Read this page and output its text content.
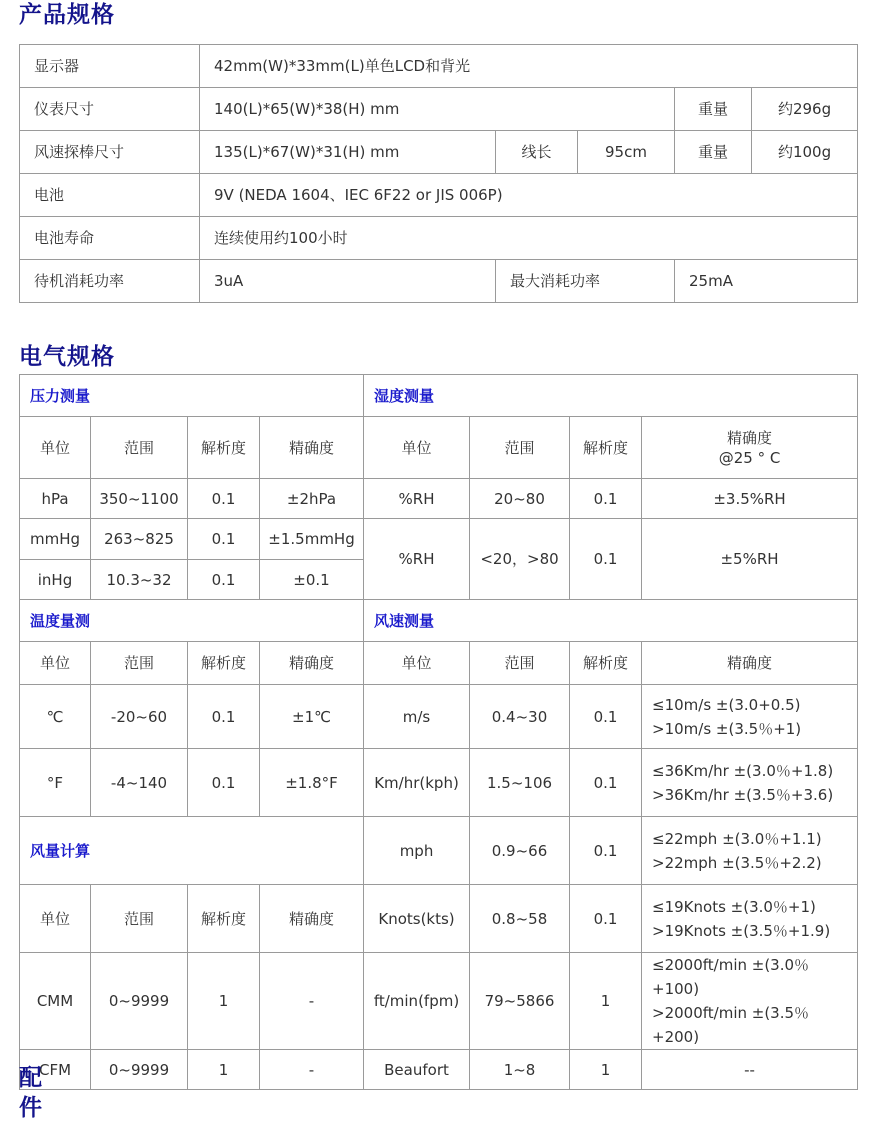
产品规格
显示器	42mm(W)*33mm(L)单色LCD和背光				
仪表尺寸	140(L)*65(W)*38(H) mm			重量	约296g
风速探棒尺寸	135(L)*67(W)*31(H) mm	线长	95cm	重量	约100g
电池	9V (NEDA 1604、IEC 6F22 or JIS 006P)				
电池寿命	连续使用约100小时				
待机消耗功率	3uA	最大消耗功率		25mA	
电气规格
压力测量				湿度测量			
单位	范围	解析度	精确度	单位	范围	解析度	精确度
@25 ° C

hPa	350~1100	0.1	±2hPa	%RH	20~80	0.1	±3.5%RH
mmHg	263~825	0.1	±1.5mmHg	%RH	<20，>80	0.1	±5%RH
inHg	10.3~32	0.1	±0.1				
温度量测				风速测量			
单位	范围	解析度	精确度	单位	范围	解析度	精确度
℃	-20~60	0.1	±1℃	m/s	0.4~30	0.1	≤10m/s ±(3.0+0.5)
>10m/s ±(3.5％+1)

°F	-4~140	0.1	±1.8°F	Km/hr(kph)	1.5~106	0.1	≤36Km/hr ±(3.0％+1.8)
>36Km/hr ±(3.5％+3.6)

风量计算				mph	0.9~66	0.1	≤22mph ±(3.0％+1.1)
>22mph ±(3.5％+2.2)

单位	范围	解析度	精确度	Knots(kts)	0.8~58	0.1	≤19Knots ±(3.0％+1)
>19Knots ±(3.5％+1.9)

CMM	0~9999	1	-	ft/min(fpm)	79~5866	1	≤2000ft/min ±(3.0％+100)
>2000ft/min ±(3.5％+200)

CFM	0~9999	1	-	Beaufort	1~8	1	--
配件
